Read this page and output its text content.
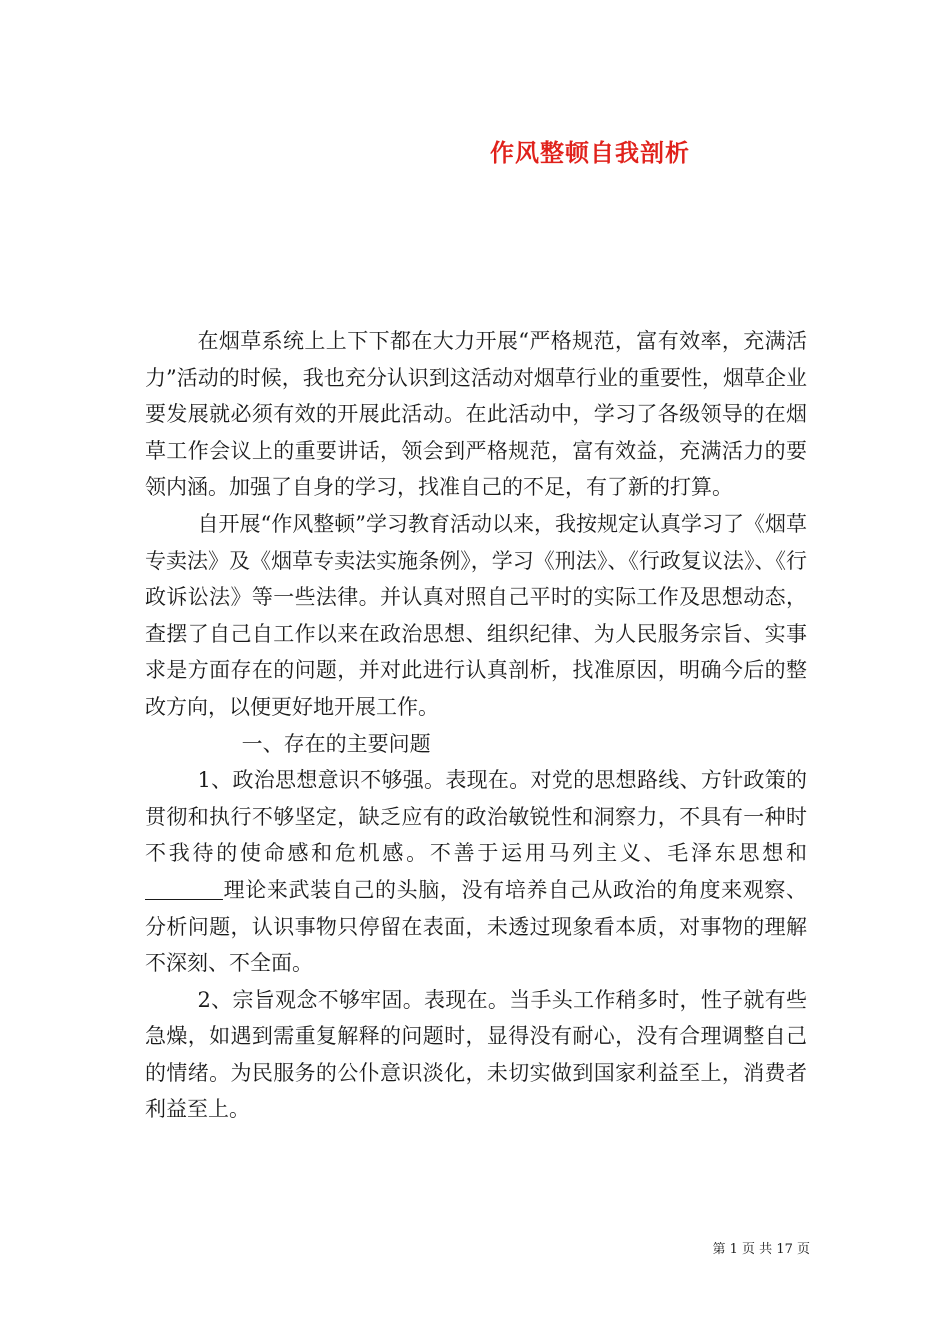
作风整顿自我剖析

在烟草系统上上下下都在大力开展“严格规范，富有效率，充满活力”活动的时候，我也充分认识到这活动对烟草行业的重要性，烟草企业要发展就必须有效的开展此活动。在此活动中，学习了各级领导的在烟草工作会议上的重要讲话，领会到严格规范，富有效益，充满活力的要领内涵。加强了自身的学习，找准自己的不足，有了新的打算。

自开展“作风整顿”学习教育活动以来，我按规定认真学习了《烟草专卖法》及《烟草专卖法实施条例》，学习《刑法》、《行政复议法》、《行政诉讼法》等一些法律。并认真对照自己平时的实际工作及思想动态，查摆了自己自工作以来在政治思想、组织纪律、为人民服务宗旨、实事求是方面存在的问题，并对此进行认真剖析，找准原因，明确今后的整改方向，以便更好地开展工作。

一、存在的主要问题

1、政治思想意识不够强。表现在。对党的思想路线、方针政策的贯彻和执行不够坚定，缺乏应有的政治敏锐性和洞察力，不具有一种时不我待的使命感和危机感。不善于运用马列主义、毛泽东思想和理论来武装自己的头脑，没有培养自己从政治的角度来观察、分析问题，认识事物只停留在表面，未透过现象看本质，对事物的理解不深刻、不全面。

2、宗旨观念不够牢固。表现在。当手头工作稍多时，性子就有些急燥，如遇到需重复解释的问题时，显得没有耐心，没有合理调整自己的情绪。为民服务的公仆意识淡化，未切实做到国家利益至上，消费者利益至上。

第 1 页 共 17 页
